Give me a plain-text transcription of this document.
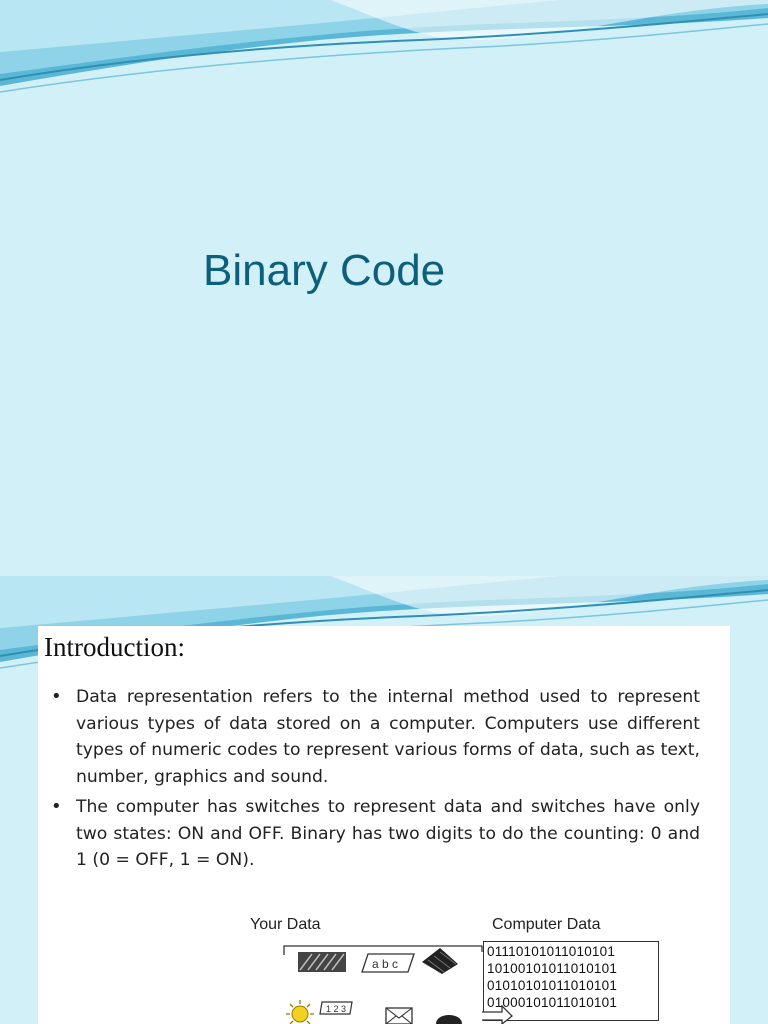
Binary Code
Introduction:
• Data representation refers to the internal method used to represent various types of data stored on a computer. Computers use different types of numeric codes to represent various forms of data, such as text, number, graphics and sound.
• The computer has switches to represent data and switches have only two states: ON and OFF. Binary has two digits to do the counting: 0 and 1 (0 = OFF, 1 = ON).
Your Data	Computer Data
a b c
01110101011010101
10100101011010101
01010101011010101
01000101011010101
1 2 3
